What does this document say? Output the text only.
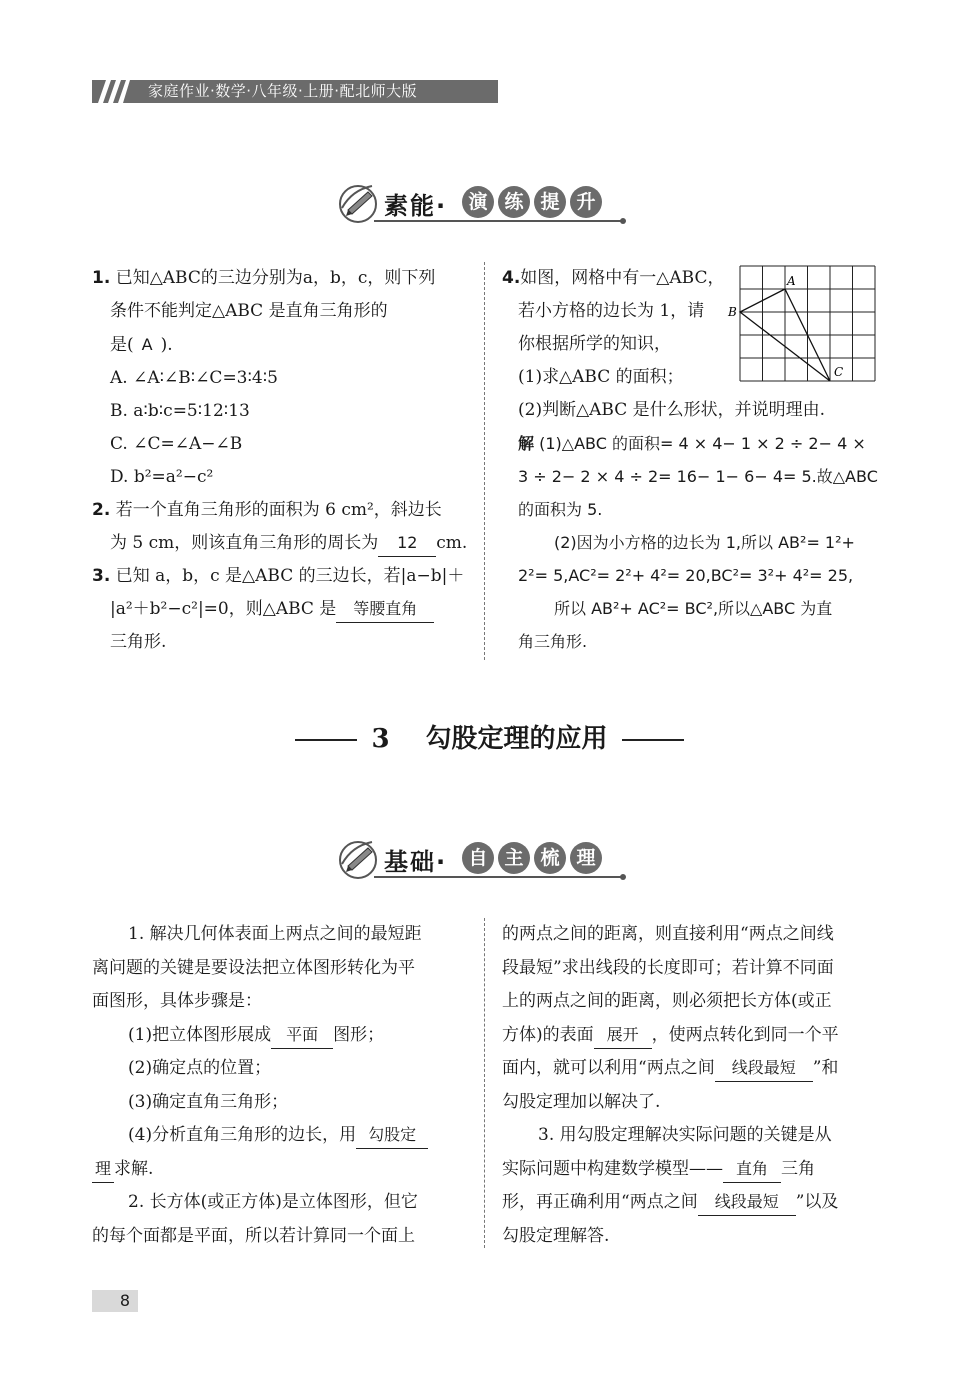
家庭作业·数学·八年级·上册·配北师大版
素能·	演 练 提 升
1. 已知△ABC的三边分别为a，b，c，则下列
条件不能判定△ABC 是直角三角形的
是( A ).
A. ∠A∶∠B∶∠C=3∶4∶5
B. a∶b∶c=5∶12∶13
C. ∠C=∠A−∠B
D. b²=a²−c²
2. 若一个直角三角形的面积为 6 cm²，斜边长
为 5 cm，则该直角三角形的周长为 12 cm.
3. 已知 a，b，c 是△ABC 的三边长，若|a−b|＋
|a²＋b²−c²|=0，则△ABC 是 等腰直角
三角形.
4.如图，网格中有一△ABC，
若小方格的边长为 1，请
你根据所学的知识，
(1)求△ABC 的面积；
(2)判断△ABC 是什么形状，并说明理由.
解 (1)△ABC 的面积= 4 × 4− 1 × 2 ÷ 2− 4 ×
3 ÷ 2− 2 × 4 ÷ 2= 16− 1− 6− 4= 5.故△ABC
的面积为 5.
(2)因为小方格的边长为 1,所以 AB²= 1²+
2²= 5,AC²= 2²+ 4²= 20,BC²= 3²+ 4²= 25,
所以 AB²+ AC²= BC²,所以△ABC 为直
角三角形.
A
B
C
3 勾股定理的应用
基础·	自 主 梳 理
1. 解决几何体表面上两点之间的最短距
离问题的关键是要设法把立体图形转化为平
面图形，具体步骤是：
(1)把立体图形展成 平面 图形；
(2)确定点的位置；
(3)确定直角三角形；
(4)分析直角三角形的边长，用 勾股定
理 求解.
2. 长方体(或正方体)是立体图形，但它
的每个面都是平面，所以若计算同一个面上
的两点之间的距离，则直接利用“两点之间线
段最短”求出线段的长度即可；若计算不同面
上的两点之间的距离，则必须把长方体(或正
方体)的表面 展开 ，使两点转化到同一个平
面内，就可以利用“两点之间 线段最短 ”和
勾股定理加以解决了.
3. 用勾股定理解决实际问题的关键是从
实际问题中构建数学模型—— 直角 三角
形，再正确利用“两点之间 线段最短 ”以及
勾股定理解答.
8
